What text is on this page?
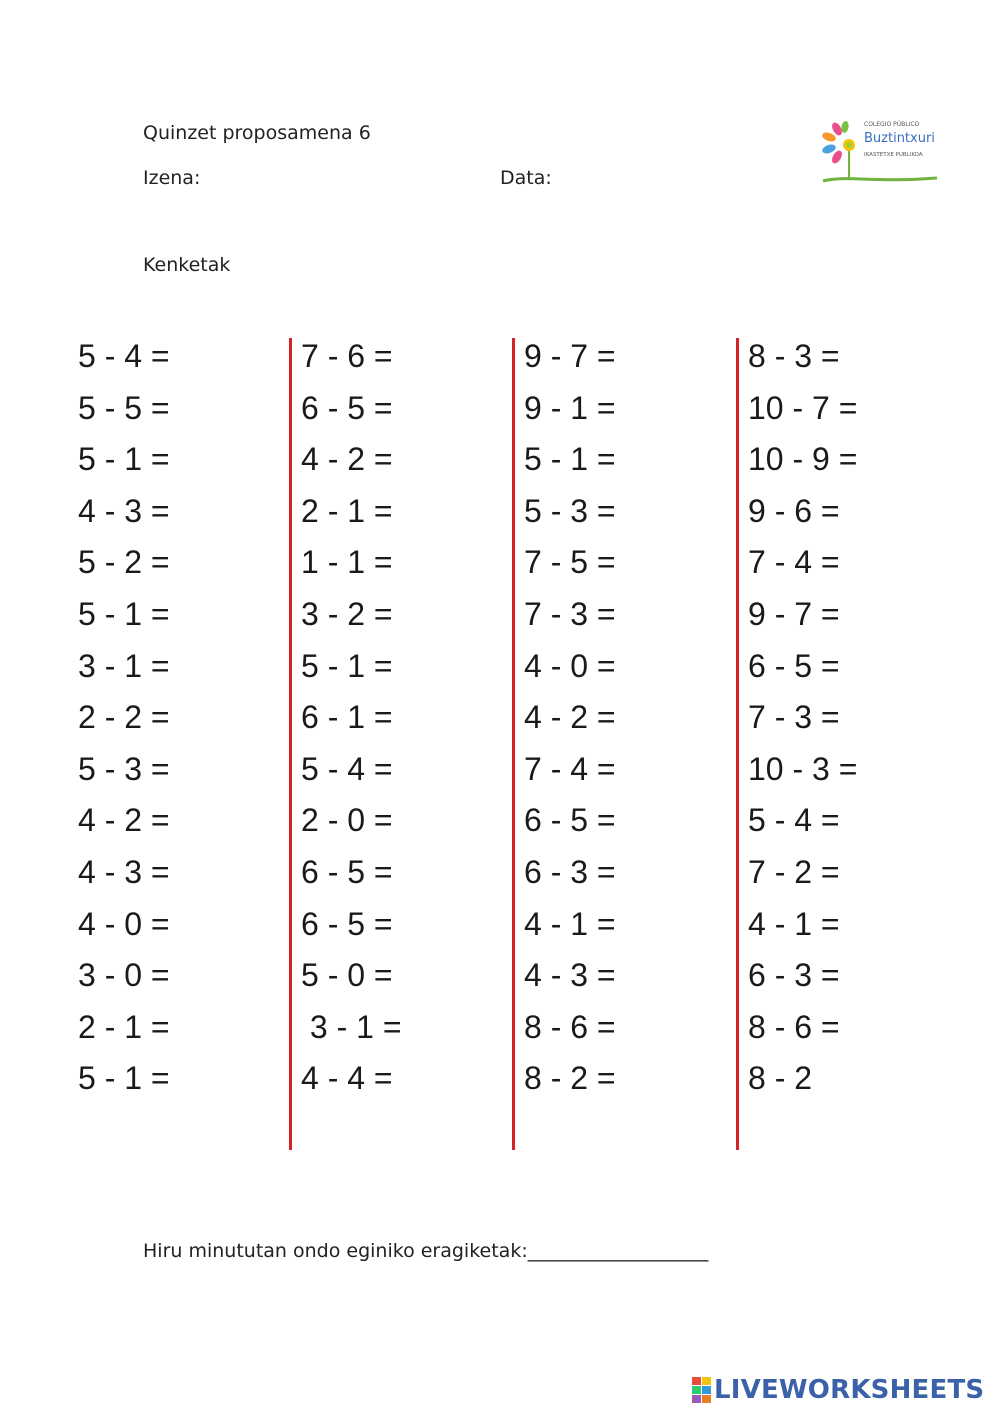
Quinzet proposamena 6
Izena:	Data:
Kenketak
COLEGIO PÚBLICO
Buztintxuri
IKASTETXE PUBLIKOA
5 - 4 =
5 - 5 =
5 - 1 =
4 - 3 =
5 - 2 =
5 - 1 =
3 - 1 =
2 - 2 =
5 - 3 =
4 - 2 =
4 - 3 =
4 - 0 =
3 - 0 =
2 - 1 =
5 - 1 =
7 - 6 =
6 - 5 =
4 - 2 =
2 - 1 =
1 - 1 =
3 - 2 =
5 - 1 =
6 - 1 =
5 - 4 =
2 - 0 =
6 - 5 =
6 - 5 =
5 - 0 =
3 - 1 =
4 - 4 =
9 - 7 =
9 - 1 =
5 - 1 =
5 - 3 =
7 - 5 =
7 - 3 =
4 - 0 =
4 - 2 =
7 - 4 =
6 - 5 =
6 - 3 =
4 - 1 =
4 - 3 =
8 - 6 =
8 - 2 =
8 - 3 =
10 - 7 =
10 - 9 =
9 - 6 =
7 - 4 =
9 - 7 =
6 - 5 =
7 - 3 =
10 - 3 =
5 - 4 =
7 - 2 =
4 - 1 =
6 - 3 =
8 - 6 =
8 - 2
Hiru minututan ondo eginiko eragiketak:___________________
LIVEWORKSHEETS
